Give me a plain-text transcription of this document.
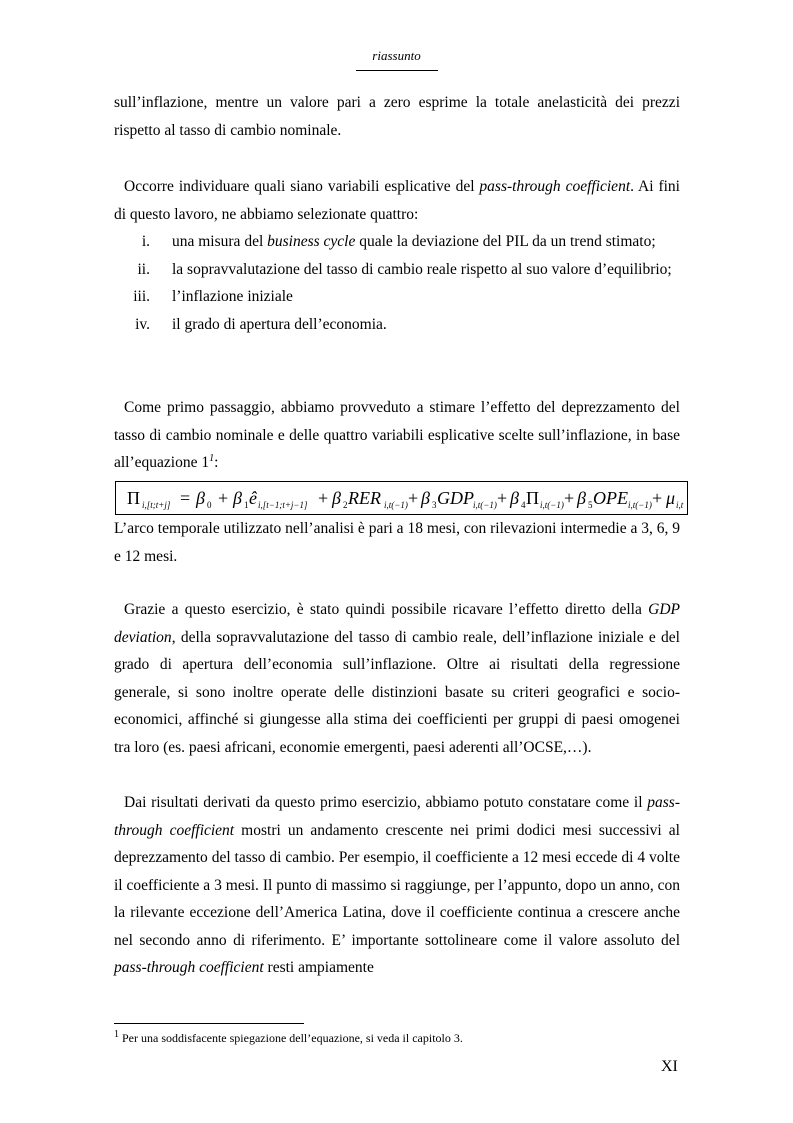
riassunto

sull’inflazione, mentre un valore pari a zero esprime la totale anelasticità dei prezzi rispetto al tasso di cambio nominale.

Occorre individuare quali siano variabili esplicative del pass-through coefficient. Ai fini di questo lavoro, ne abbiamo selezionate quattro:

i. una misura del business cycle quale la deviazione del PIL da un trend stimato;
ii. la sopravvalutazione del tasso di cambio reale rispetto al suo valore d’equilibrio;
iii. l’inflazione iniziale
iv. il grado di apertura dell’economia.

Come primo passaggio, abbiamo provveduto a stimare l’effetto del deprezzamento del tasso di cambio nominale e delle quattro variabili esplicative scelte sull’inflazione, in base all’equazione $1^1$:

Π i,[t;t+j] = β 0 + β 1 ê i,[t−1;t+j−1] + β 2 RER i,t(−1) + β 3 GDP i,t(−1) + β 4 Π i,t(−1) + β 5 OPE i,t(−1) + μ i,t

L’arco temporale utilizzato nell’analisi è pari a 18 mesi, con rilevazioni intermedie a 3, 6, 9 e 12 mesi.

Grazie a questo esercizio, è stato quindi possibile ricavare l’effetto diretto della GDP deviation, della sopravvalutazione del tasso di cambio reale, dell’inflazione iniziale e del grado di apertura dell’economia sull’inflazione. Oltre ai risultati della regressione generale, si sono inoltre operate delle distinzioni basate su criteri geografici e socio-economici, affinché si giungesse alla stima dei coefficienti per gruppi di paesi omogenei tra loro (es. paesi africani, economie emergenti, paesi aderenti all’OCSE,…).

Dai risultati derivati da questo primo esercizio, abbiamo potuto constatare come il pass-through coefficient mostri un andamento crescente nei primi dodici mesi successivi al deprezzamento del tasso di cambio. Per esempio, il coefficiente a 12 mesi eccede di 4 volte il coefficiente a 3 mesi. Il punto di massimo si raggiunge, per l’appunto, dopo un anno, con la rilevante eccezione dell’America Latina, dove il coefficiente continua a crescere anche nel secondo anno di riferimento. E’ importante sottolineare come il valore assoluto del pass-through coefficient resti ampiamente

$^1$ Per una soddisfacente spiegazione dell’equazione, si veda il capitolo 3.
XI
